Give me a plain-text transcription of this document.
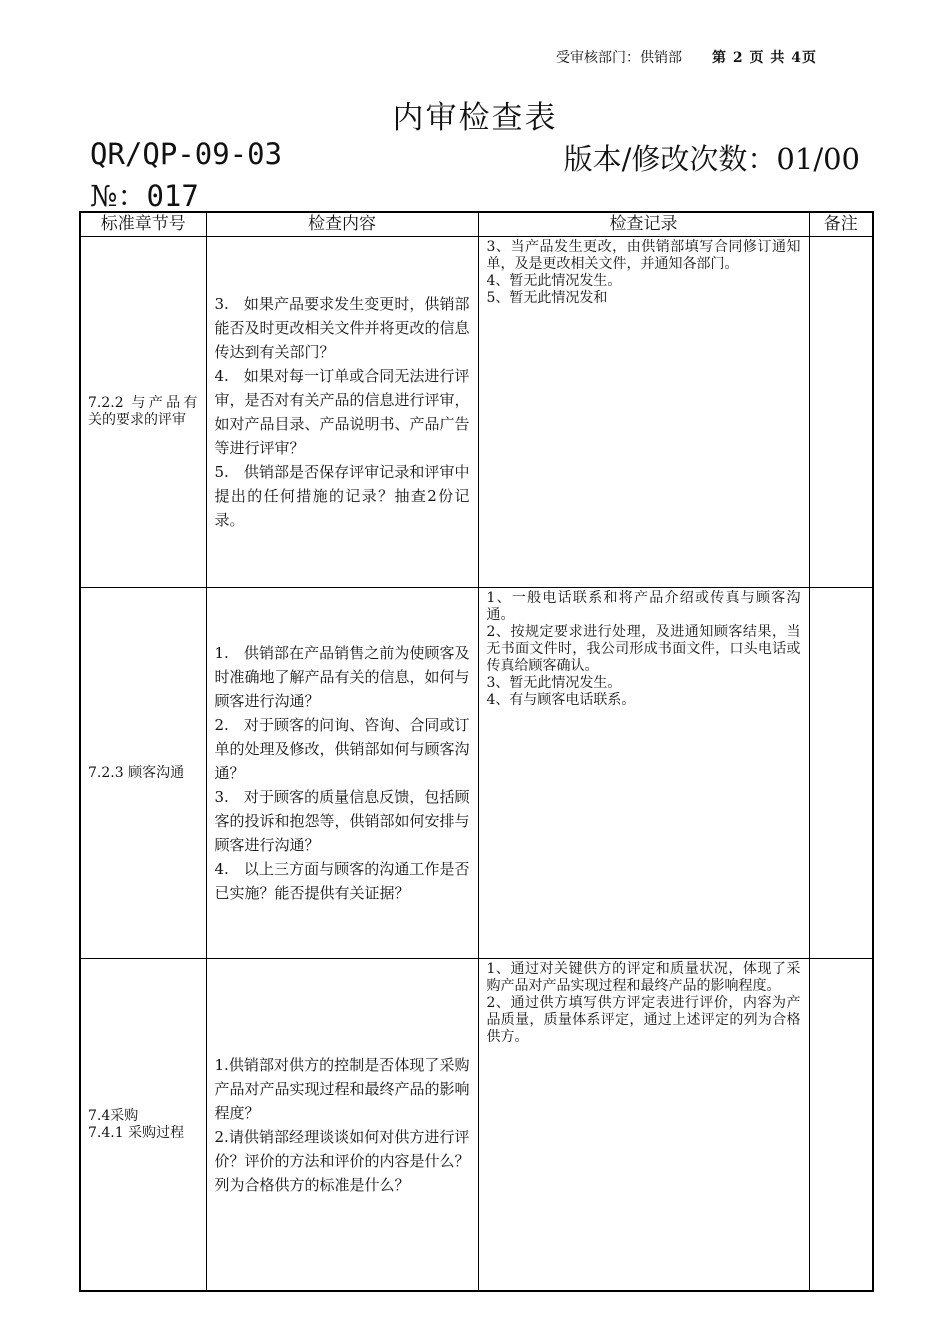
受审核部门：供销部 第 2 页 共 4页
内审检查表
QR/QP-09-03	版本/修改次数：01/00
№：017
标准章节号	检查内容	检查记录	备注

7.2.2 与产品有关的要求的评审	3.　如果产品要求发生变更时，供销部能否及时更改相关文件并将更改的信息传达到有关部门？
4.　如果对每一订单或合同无法进行评审，是否对有关产品的信息进行评审，如对产品目录、产品说明书、产品广告等进行评审？
5.　供销部是否保存评审记录和评审中提出的任何措施的记录？抽查2份记录。	3、当产品发生更改，由供销部填写合同修订通知单，及是更改相关文件，并通知各部门。
4、暂无此情况发生。
5、暂无此情况发和	

7.2.3 顾客沟通	1.　供销部在产品销售之前为使顾客及时准确地了解产品有关的信息，如何与顾客进行沟通？
2.　对于顾客的问询、咨询、合同或订单的处理及修改，供销部如何与顾客沟通？
3.　对于顾客的质量信息反馈，包括顾客的投诉和抱怨等，供销部如何安排与顾客进行沟通？
4.　以上三方面与顾客的沟通工作是否已实施？能否提供有关证据？	1、一般电话联系和将产品介绍或传真与顾客沟通。
2、按规定要求进行处理，及进通知顾客结果，当无书面文件时，我公司形成书面文件，口头电话或传真给顾客确认。
3、暂无此情况发生。
4、有与顾客电话联系。	

7.4采购
7.4.1 采购过程	1.供销部对供方的控制是否体现了采购产品对产品实现过程和最终产品的影响程度？
2.请供销部经理谈谈如何对供方进行评价？评价的方法和评价的内容是什么？列为合格供方的标准是什么？	1、通过对关键供方的评定和质量状况，体现了采购产品对产品实现过程和最终产品的影响程度。
2、通过供方填写供方评定表进行评价，内容为产品质量，质量体系评定，通过上述评定的列为合格供方。	
